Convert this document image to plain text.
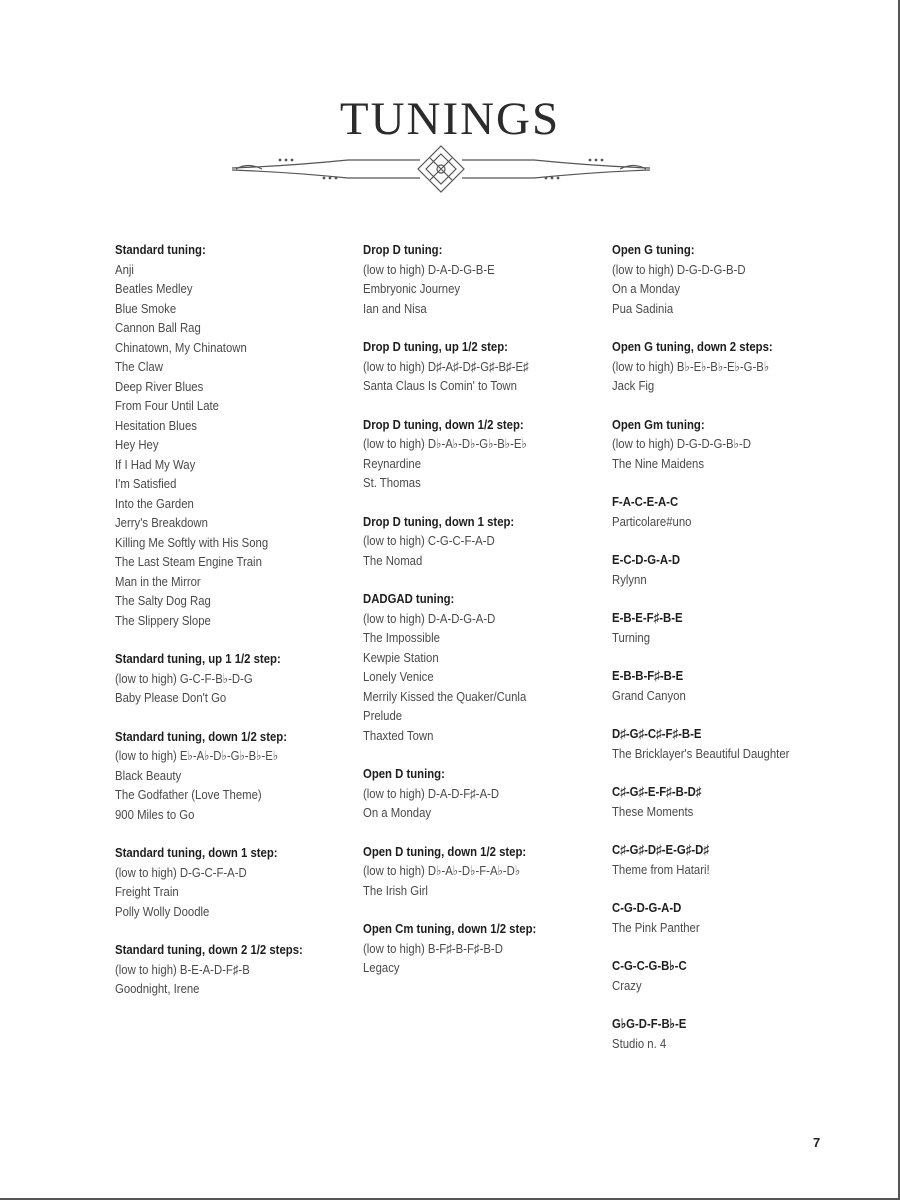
TUNINGS
Standard tuning:
Anji
Beatles Medley
Blue Smoke
Cannon Ball Rag
Chinatown, My Chinatown
The Claw
Deep River Blues
From Four Until Late
Hesitation Blues
Hey Hey
If I Had My Way
I'm Satisfied
Into the Garden
Jerry's Breakdown
Killing Me Softly with His Song
The Last Steam Engine Train
Man in the Mirror
The Salty Dog Rag
The Slippery Slope
Standard tuning, up 1 1/2 step:
(low to high) G-C-F-B♭-D-G
Baby Please Don't Go
Standard tuning, down 1/2 step:
(low to high) E♭-A♭-D♭-G♭-B♭-E♭
Black Beauty
The Godfather (Love Theme)
900 Miles to Go
Standard tuning, down 1 step:
(low to high) D-G-C-F-A-D
Freight Train
Polly Wolly Doodle
Standard tuning, down 2 1/2 steps:
(low to high) B-E-A-D-F♯-B
Goodnight, Irene
Drop D tuning:
(low to high) D-A-D-G-B-E
Embryonic Journey
Ian and Nisa
Drop D tuning, up 1/2 step:
(low to high) D♯-A♯-D♯-G♯-B♯-E♯
Santa Claus Is Comin' to Town
Drop D tuning, down 1/2 step:
(low to high) D♭-A♭-D♭-G♭-B♭-E♭
Reynardine
St. Thomas
Drop D tuning, down 1 step:
(low to high) C-G-C-F-A-D
The Nomad
DADGAD tuning:
(low to high) D-A-D-G-A-D
The Impossible
Kewpie Station
Lonely Venice
Merrily Kissed the Quaker/Cunla
Prelude
Thaxted Town
Open D tuning:
(low to high) D-A-D-F♯-A-D
On a Monday
Open D tuning, down 1/2 step:
(low to high) D♭-A♭-D♭-F-A♭-D♭
The Irish Girl
Open Cm tuning, down 1/2 step:
(low to high) B-F♯-B-F♯-B-D
Legacy
Open G tuning:
(low to high) D-G-D-G-B-D
On a Monday
Pua Sadinia
Open G tuning, down 2 steps:
(low to high) B♭-E♭-B♭-E♭-G-B♭
Jack Fig
Open Gm tuning:
(low to high) D-G-D-G-B♭-D
The Nine Maidens
F-A-C-E-A-C
Particolare#uno
E-C-D-G-A-D
Rylynn
E-B-E-F♯-B-E
Turning
E-B-B-F♯-B-E
Grand Canyon
D♯-G♯-C♯-F♯-B-E
The Bricklayer's Beautiful Daughter
C♯-G♯-E-F♯-B-D♯
These Moments
C♯-G♯-D♯-E-G♯-D♯
Theme from Hatari!
C-G-D-G-A-D
The Pink Panther
C-G-C-G-B♭-C
Crazy
G♭G-D-F-B♭-E
Studio n. 4
7
